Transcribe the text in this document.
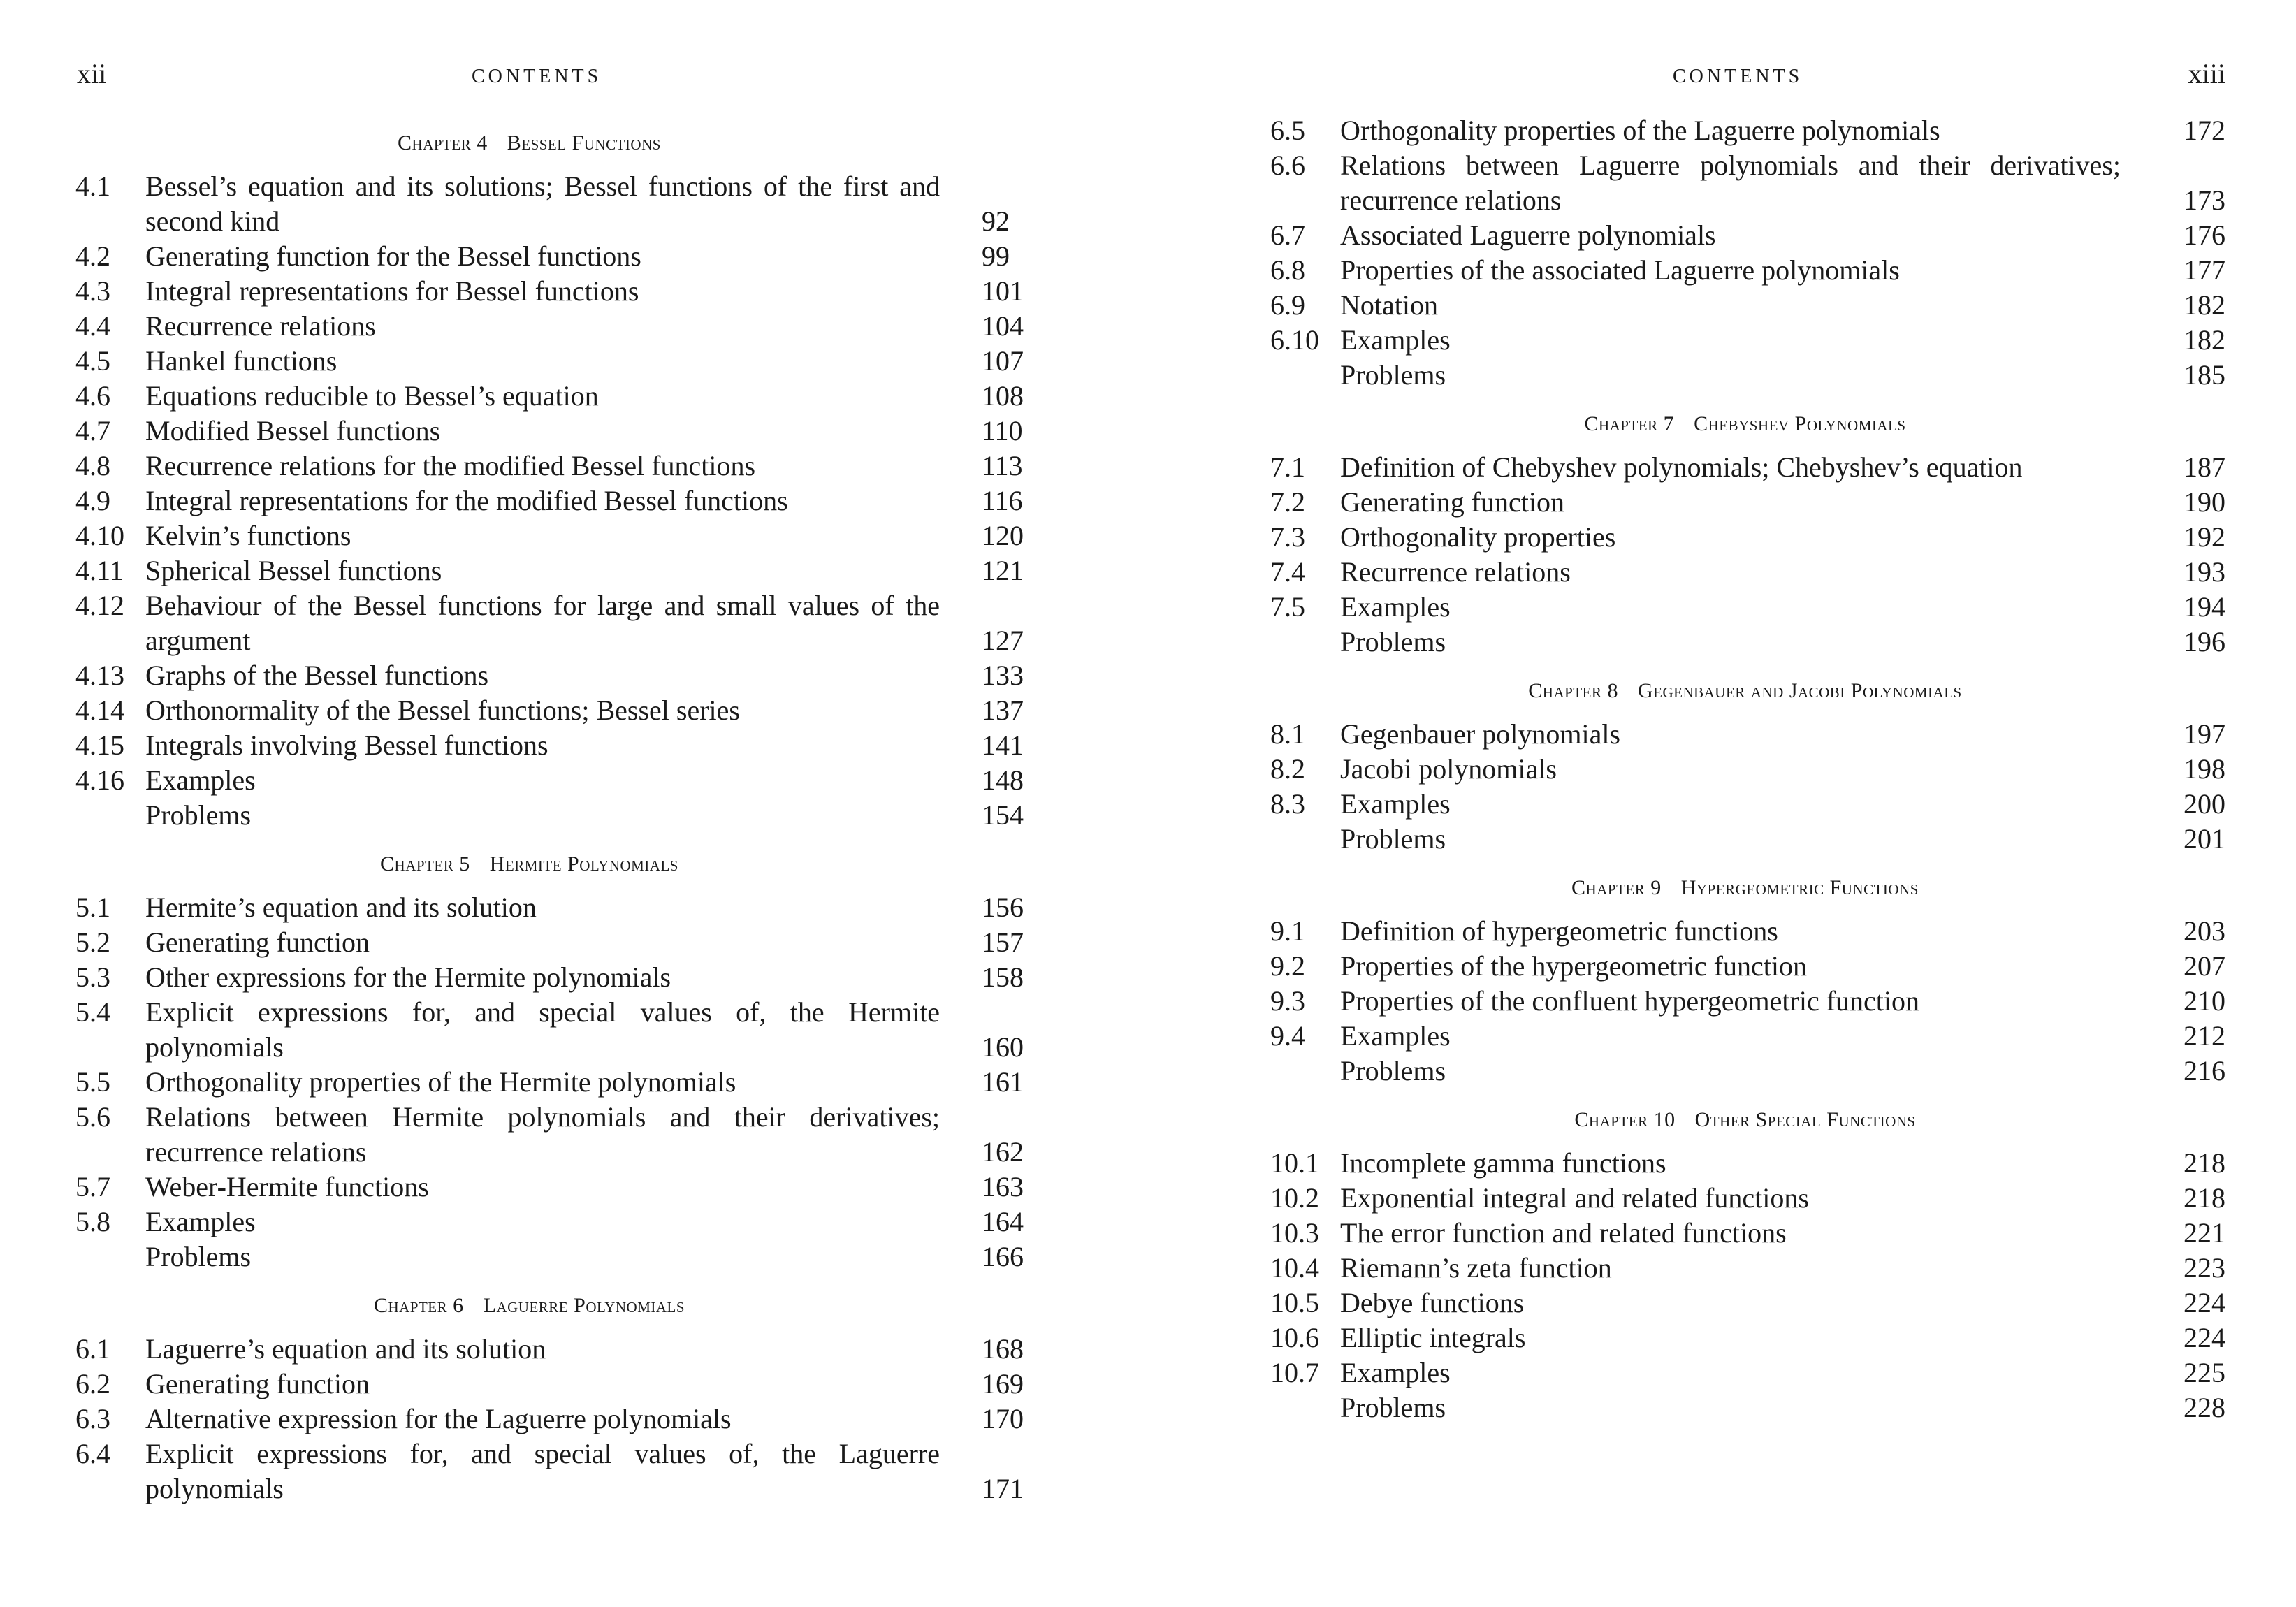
xii	CONTENTS
Chapter 4 Bessel Functions
4.1 Bessel’s equation and its solutions; Bessel functions of the first and second kind	92
4.2 Generating function for the Bessel functions	99
4.3 Integral representations for Bessel functions	101
4.4 Recurrence relations	104
4.5 Hankel functions	107
4.6 Equations reducible to Bessel’s equation	108
4.7 Modified Bessel functions	110
4.8 Recurrence relations for the modified Bessel functions	113
4.9 Integral representations for the modified Bessel functions	116
4.10 Kelvin’s functions	120
4.11 Spherical Bessel functions	121
4.12 Behaviour of the Bessel functions for large and small values of the argument	127
4.13 Graphs of the Bessel functions	133
4.14 Orthonormality of the Bessel functions; Bessel series	137
4.15 Integrals involving Bessel functions	141
4.16 Examples	148
Problems	154
Chapter 5 Hermite Polynomials
5.1 Hermite’s equation and its solution	156
5.2 Generating function	157
5.3 Other expressions for the Hermite polynomials	158
5.4 Explicit expressions for, and special values of, the Hermite polynomials	160
5.5 Orthogonality properties of the Hermite polynomials	161
5.6 Relations between Hermite polynomials and their derivatives; recurrence relations	162
5.7 Weber-Hermite functions	163
5.8 Examples	164
Problems	166
Chapter 6 Laguerre Polynomials
6.1 Laguerre’s equation and its solution	168
6.2 Generating function	169
6.3 Alternative expression for the Laguerre polynomials	170
6.4 Explicit expressions for, and special values of, the Laguerre polynomials	171
CONTENTS	xiii
6.5 Orthogonality properties of the Laguerre polynomials	172
6.6 Relations between Laguerre polynomials and their derivatives; recurrence relations	173
6.7 Associated Laguerre polynomials	176
6.8 Properties of the associated Laguerre polynomials	177
6.9 Notation	182
6.10 Examples	182
Problems	185
Chapter 7 Chebyshev Polynomials
7.1 Definition of Chebyshev polynomials; Chebyshev’s equation	187
7.2 Generating function	190
7.3 Orthogonality properties	192
7.4 Recurrence relations	193
7.5 Examples	194
Problems	196
Chapter 8 Gegenbauer and Jacobi Polynomials
8.1 Gegenbauer polynomials	197
8.2 Jacobi polynomials	198
8.3 Examples	200
Problems	201
Chapter 9 Hypergeometric Functions
9.1 Definition of hypergeometric functions	203
9.2 Properties of the hypergeometric function	207
9.3 Properties of the confluent hypergeometric function	210
9.4 Examples	212
Problems	216
Chapter 10 Other Special Functions
10.1 Incomplete gamma functions	218
10.2 Exponential integral and related functions	218
10.3 The error function and related functions	221
10.4 Riemann’s zeta function	223
10.5 Debye functions	224
10.6 Elliptic integrals	224
10.7 Examples	225
Problems	228
